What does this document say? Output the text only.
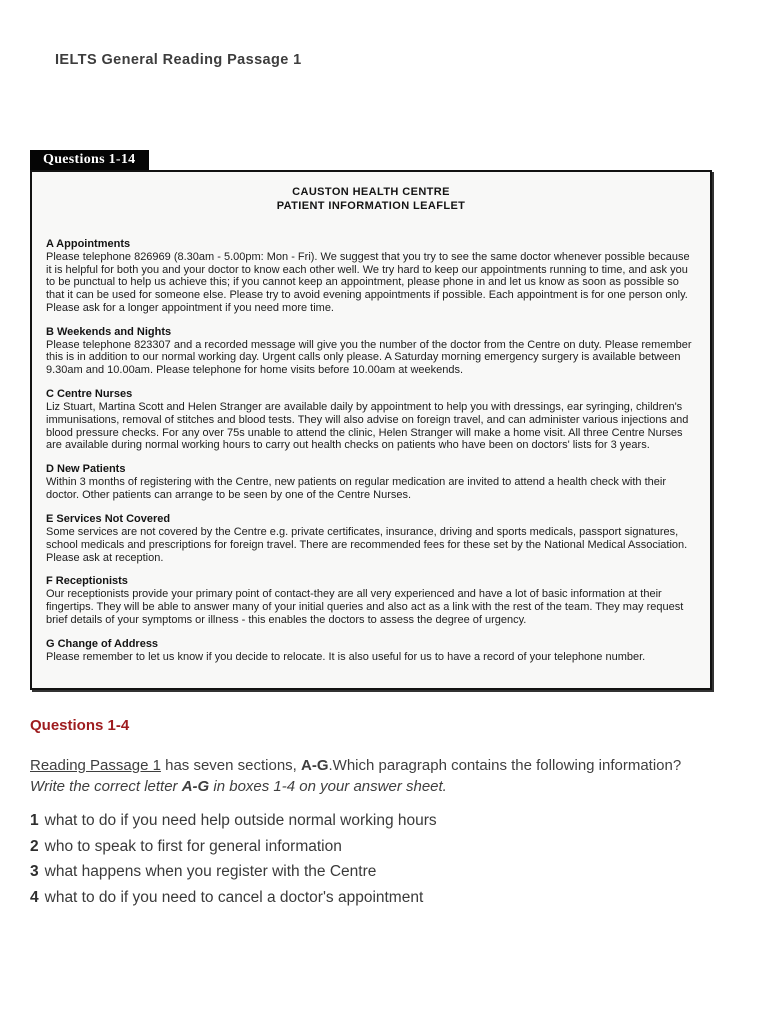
IELTS General Reading Passage 1
Questions 1-14
CAUSTON HEALTH CENTRE
PATIENT INFORMATION LEAFLET
A Appointments
Please telephone 826969 (8.30am - 5.00pm: Mon - Fri). We suggest that you try to see the same doctor whenever possible because it is helpful for both you and your doctor to know each other well. We try hard to keep our appointments running to time, and ask you to be punctual to help us achieve this; if you cannot keep an appointment, please phone in and let us know as soon as possible so that it can be used for someone else. Please try to avoid evening appointments if possible. Each appointment is for one person only. Please ask for a longer appointment if you need more time.
B Weekends and Nights
Please telephone 823307 and a recorded message will give you the number of the doctor from the Centre on duty. Please remember this is in addition to our normal working day. Urgent calls only please. A Saturday morning emergency surgery is available between 9.30am and 10.00am. Please telephone for home visits before 10.00am at weekends.
C Centre Nurses
Liz Stuart, Martina Scott and Helen Stranger are available daily by appointment to help you with dressings, ear syringing, children's immunisations, removal of stitches and blood tests. They will also advise on foreign travel, and can administer various injections and blood pressure checks. For any over 75s unable to attend the clinic, Helen Stranger will make a home visit. All three Centre Nurses are available during normal working hours to carry out health checks on patients who have been on doctors' lists for 3 years.
D New Patients
Within 3 months of registering with the Centre, new patients on regular medication are invited to attend a health check with their doctor. Other patients can arrange to be seen by one of the Centre Nurses.
E Services Not Covered
Some services are not covered by the Centre e.g. private certificates, insurance, driving and sports medicals, passport signatures, school medicals and prescriptions for foreign travel. There are recommended fees for these set by the National Medical Association. Please ask at reception.
F Receptionists
Our receptionists provide your primary point of contact-they are all very experienced and have a lot of basic information at their fingertips. They will be able to answer many of your initial queries and also act as a link with the rest of the team. They may request brief details of your symptoms or illness - this enables the doctors to assess the degree of urgency.
G Change of Address
Please remember to let us know if you decide to relocate. It is also useful for us to have a record of your telephone number.
Questions 1-4
Reading Passage 1 has seven sections, A-G.Which paragraph contains the following information?
Write the correct letter A-G in boxes 1-4 on your answer sheet.
1 what to do if you need help outside normal working hours
2 who to speak to first for general information
3 what happens when you register with the Centre
4 what to do if you need to cancel a doctor's appointment
